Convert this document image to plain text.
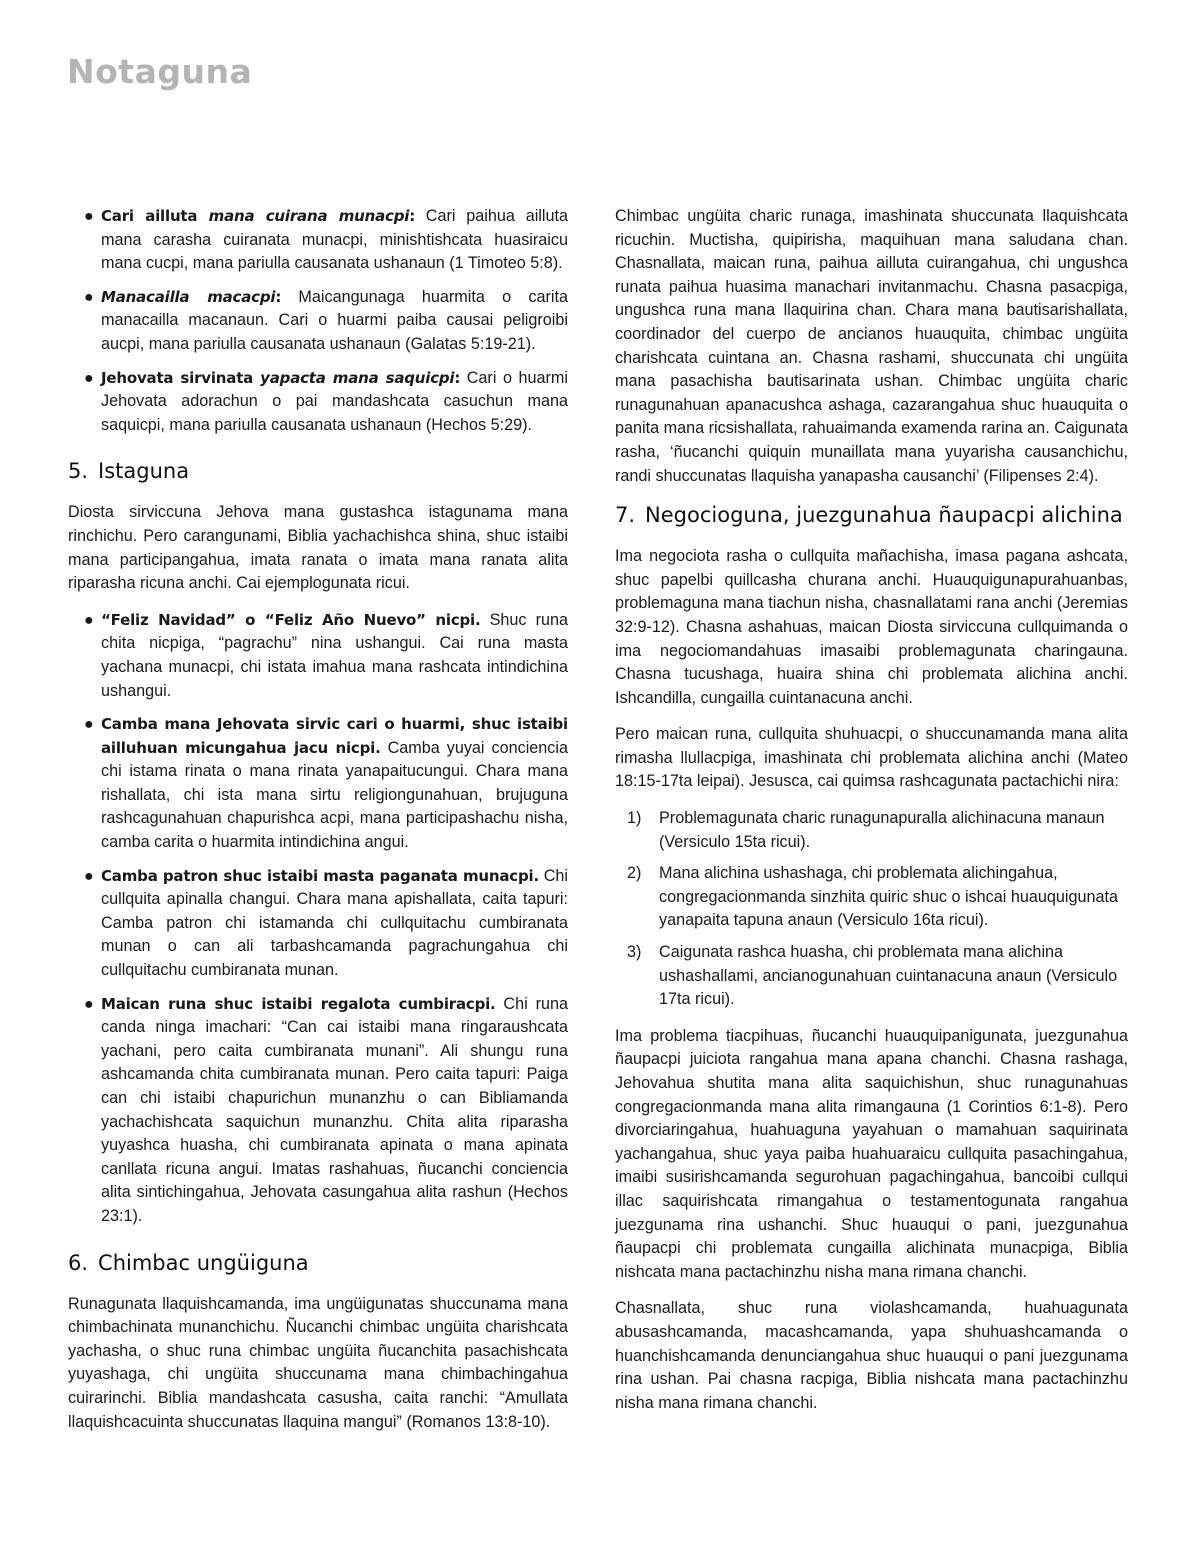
Notaguna
● Cari ailluta mana cuirana munacpi: Cari paihua ailluta mana carasha cuiranata munacpi, minishtishcata huasiraicu mana cucpi, mana pariulla causanata ushanaun (1 Timoteo 5:8).
● Manacailla macacpi: Maicangunaga huarmita o carita manacailla macanaun. Cari o huarmi paiba causai peligroibi aucpi, mana pariulla causanata ushanaun (Galatas 5:19-21).
● Jehovata sirvinata yapacta mana saquicpi: Cari o huarmi Jehovata adorachun o pai mandashcata casuchun mana saquicpi, mana pariulla causanata ushanaun (Hechos 5:29).
5. Istaguna

Diosta sirviccuna Jehova mana gustashca istagunama mana rinchichu. Pero carangunami, Biblia yachachishca shina, shuc istaibi mana participangahua, imata ranata o imata mana ranata alita riparasha ricuna anchi. Cai ejemplogunata ricui.

● “Feliz Navidad” o “Feliz Año Nuevo” nicpi. Shuc runa chita nicpiga, “pagrachu” nina ushangui. Cai runa masta yachana munacpi, chi istata imahua mana rashcata intindichina ushangui.
● Camba mana Jehovata sirvic cari o huarmi, shuc istaibi ailluhuan micungahua jacu nicpi. Camba yuyai conciencia chi istama rinata o mana rinata yanapaitucungui. Chara mana rishallata, chi ista mana sirtu religiongunahuan, brujuguna rashcagunahuan chapurishca acpi, mana participashachu nisha, camba carita o huarmita intindichina angui.
● Camba patron shuc istaibi masta paganata munacpi. Chi cullquita apinalla changui. Chara mana apishallata, caita tapuri: Camba patron chi istamanda chi cullquitachu cumbiranata munan o can ali tarbashcamanda pagrachungahua chi cullquitachu cumbiranata munan.
● Maican runa shuc istaibi regalota cumbiracpi. Chi runa canda ninga imachari: “Can cai istaibi mana ringaraushcata yachani, pero caita cumbiranata munani”. Ali shungu runa ashcamanda chita cumbiranata munan. Pero caita tapuri: Paiga can chi istaibi chapurichun munanzhu o can Bibliamanda yachachishcata saquichun munanzhu. Chita alita riparasha yuyashca huasha, chi cumbiranata apinata o mana apinata canllata ricuna angui. Imatas rashahuas, ñucanchi conciencia alita sintichingahua, Jehovata casungahua alita rashun (Hechos 23:1).
6. Chimbac ungüiguna

Runagunata llaquishcamanda, ima ungüigunatas shuccunama mana chimbachinata munanchichu. Ñucanchi chimbac ungüita charishcata yachasha, o shuc runa chimbac ungüita ñucanchita pasachishcata yuyashaga, chi ungüita shuccunama mana chimbachingahua cuirarinchi. Biblia mandashcata casusha, caita ranchi: “Amullata llaquishcacuinta shuccunatas llaquina mangui” (Romanos 13:8-10).

Chimbac ungüita charic runaga, imashinata shuccunata llaquishcata ricuchin. Muctisha, quipirisha, maquihuan mana saludana chan. Chasnallata, maican runa, paihua ailluta cuirangahua, chi ungushca runata paihua huasima manachari invitanmachu. Chasna pasacpiga, ungushca runa mana llaquirina chan. Chara mana bautisarishallata, coordinador del cuerpo de ancianos huauquita, chimbac ungüita charishcata cuintana an. Chasna rashami, shuccunata chi ungüita mana pasachisha bautisarinata ushan. Chimbac ungüita charic runagunahuan apanacushca ashaga, cazarangahua shuc huauquita o panita mana ricsishallata, rahuaimanda examenda rarina an. Caigunata rasha, ‘ñucanchi quiquin munaillata mana yuyarisha causanchichu, randi shuccunatas llaquisha yanapasha causanchi’ (Filipenses 2:4).

7. Negocioguna, juezgunahua ñaupacpi alichina

Ima negociota rasha o cullquita mañachisha, imasa pagana ashcata, shuc papelbi quillcasha churana anchi. Huauquigunapurahuanbas, problemaguna mana tiachun nisha, chasnallatami rana anchi (Jeremias 32:9-12). Chasna ashahuas, maican Diosta sirviccuna cullquimanda o ima negociomandahuas imasaibi problemagunata charingauna. Chasna tucushaga, huaira shina chi problemata alichina anchi. Ishcandilla, cungailla cuintanacuna anchi.

Pero maican runa, cullquita shuhuacpi, o shuccunamanda mana alita rimasha llullacpiga, imashinata chi problemata alichina anchi (Mateo 18:15-17ta leipai). Jesusca, cai quimsa rashcagunata pactachichi nira:

1) Problemagunata charic runagunapuralla alichinacuna manaun (Versiculo 15ta ricui).
2) Mana alichina ushashaga, chi problemata alichingahua, congregacionmanda sinzhita quiric shuc o ishcai huauquigunata yanapaita tapuna anaun (Versiculo 16ta ricui).
3) Caigunata rashca huasha, chi problemata mana alichina ushashallami, ancianogunahuan cuintanacuna anaun (Versiculo 17ta ricui).

Ima problema tiacpihuas, ñucanchi huauquipanigunata, juezgunahua ñaupacpi juiciota rangahua mana apana chanchi. Chasna rashaga, Jehovahua shutita mana alita saquichishun, shuc runagunahuas congregacionmanda mana alita rimangauna (1 Corintios 6:1-8). Pero divorciaringahua, huahuaguna yayahuan o mamahuan saquirinata yachangahua, shuc yaya paiba huahuaraicu cullquita pasachingahua, imaibi susirishcamanda segurohuan pagachingahua, bancoibi cullqui illac saquirishcata rimangahua o testamentogunata rangahua juezgunama rina ushanchi. Shuc huauqui o pani, juezgunahua ñaupacpi chi problemata cungailla alichinata munacpiga, Biblia nishcata mana pactachinzhu nisha mana rimana chanchi.

Chasnallata, shuc runa violashcamanda, huahuagunata abusashcamanda, macashcamanda, yapa shuhuashcamanda o huanchishcamanda denunciangahua shuc huauqui o pani juezgunama rina ushan. Pai chasna racpiga, Biblia nishcata mana pactachinzhu nisha mana rimana chanchi.
